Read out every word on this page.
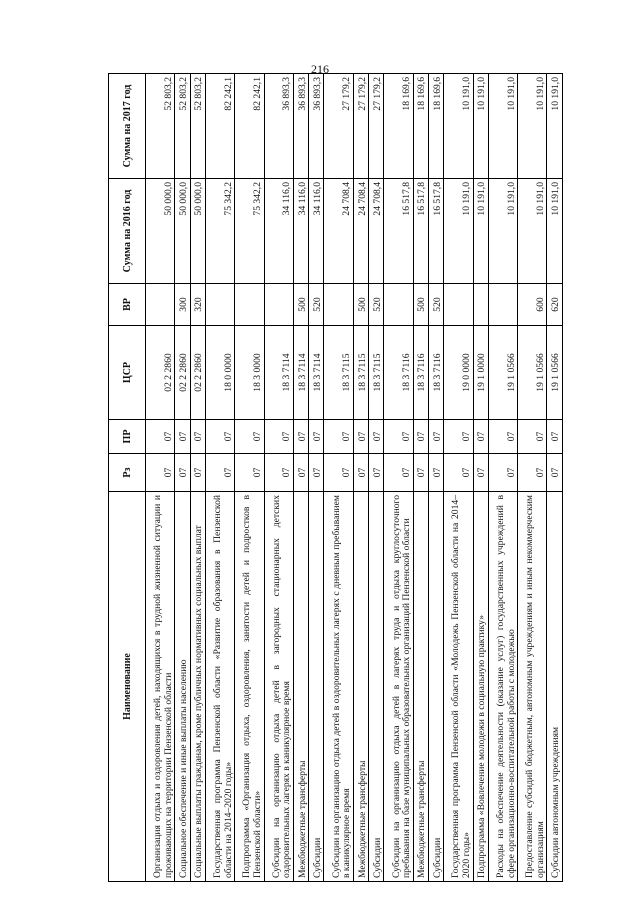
216
Наименование	Рз	ПР	ЦСР	ВР	Сумма на 2016 год	Сумма на 2017 год
Организация отдыха и оздоровления детей, находящихся в трудной жизненной ситуации и проживающих на территории Пензенской области	07	07	02 2 2860		50 000,0	52 803,2
Социальное обеспечение и иные выплаты населению	07	07	02 2 2860	300	50 000,0	52 803,2
Социальные выплаты гражданам, кроме публичных нормативных социальных выплат	07	07	02 2 2860	320	50 000,0	52 803,2
Государственная программа Пензенской области «Развитие образования в Пензенской области на 2014–2020 годы»	07	07	18 0 0000		75 342,2	82 242,1
Подпрограмма «Организация отдыха, оздоровления, занятости детей и подростков в Пензенской области»	07	07	18 3 0000		75 342,2	82 242,1
Субсидии на организацию отдыха детей в загородных стационарных детских оздоровительных лагерях в каникулярное время	07	07	18 3 7114		34 116,0	36 893,3
Межбюджетные трансферты	07	07	18 3 7114	500	34 116,0	36 893,3
Субсидии	07	07	18 3 7114	520	34 116,0	36 893,3
Субсидии на организацию отдыха детей в оздоровительных лагерях с дневным пребыванием в каникулярное время	07	07	18 3 7115		24 708,4	27 179,2
Межбюджетные трансферты	07	07	18 3 7115	500	24 708,4	27 179,2
Субсидии	07	07	18 3 7115	520	24 708,4	27 179,2
Субсидии на организацию отдыха детей в лагерях труда и отдыха круглосуточного пребывания на базе муниципальных образовательных организаций Пензенской области	07	07	18 3 7116		16 517,8	18 169,6
Межбюджетные трансферты	07	07	18 3 7116	500	16 517,8	18 169,6
Субсидии	07	07	18 3 7116	520	16 517,8	18 169,6
Государственная программа Пензенской области «Молодежь Пензенской области на 2014–2020 годы»	07	07	19 0 0000		10 191,0	10 191,0
Подпрограмма «Вовлечение молодежи в социальную практику»	07	07	19 1 0000		10 191,0	10 191,0
Расходы на обеспечение деятельности (оказание услуг) государственных учреждений в сфере организационно-воспитательной работы с молодежью	07	07	19 1 0566		10 191,0	10 191,0
Предоставление субсидий бюджетным, автономным учреждениям и иным некоммерческим организациям	07	07	19 1 0566	600	10 191,0	10 191,0
Субсидии автономным учреждениям	07	07	19 1 0566	620	10 191,0	10 191,0
